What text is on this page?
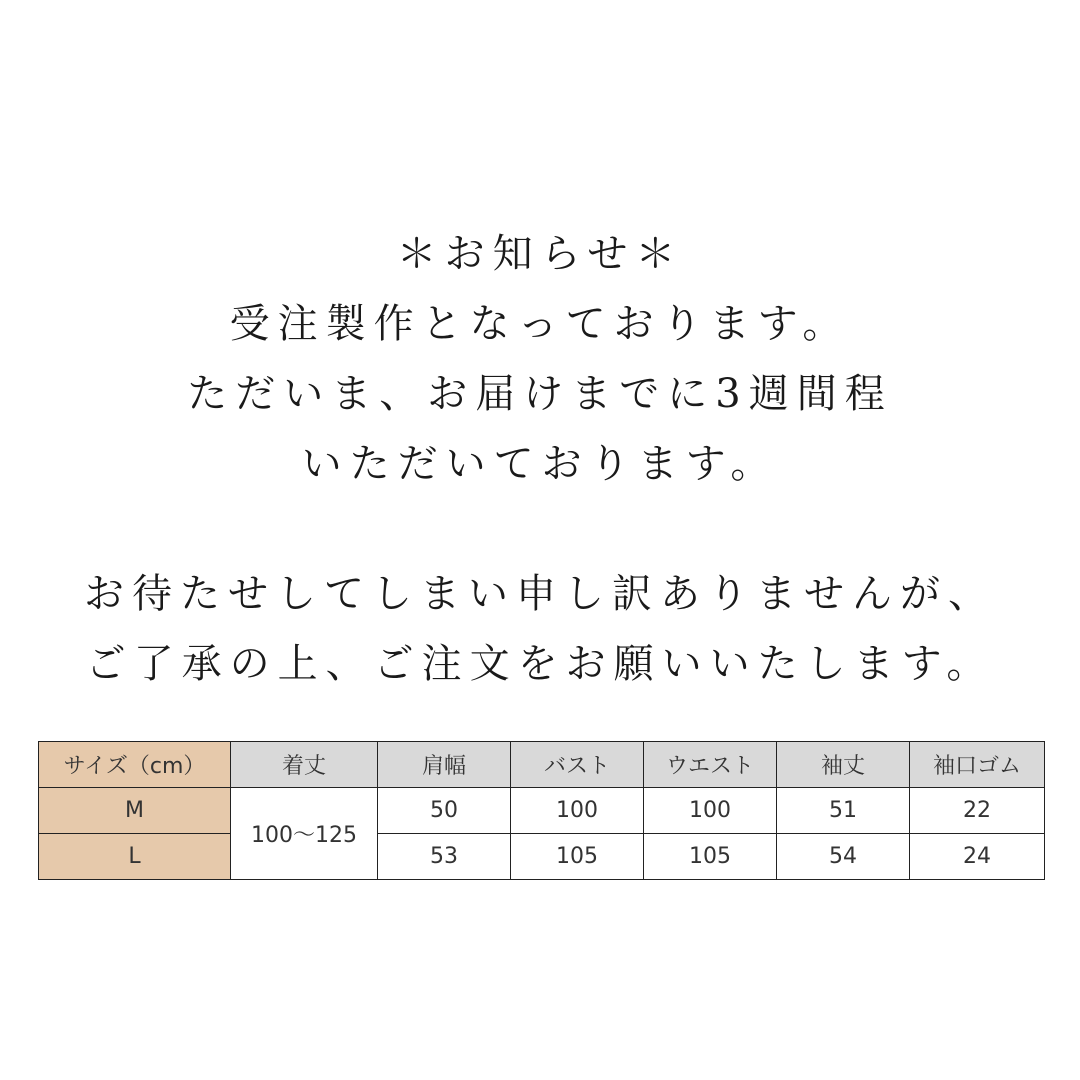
＊お知らせ＊
受注製作となっております。
ただいま、お届けまでに3週間程
いただいております。
お待たせしてしまい申し訳ありませんが、
ご了承の上、ご注文をお願いいたします。
サイズ（cm）	着丈	肩幅	バスト	ウエスト	袖丈	袖口ゴム
M	100〜125	50	100	100	51	22
L		53	105	105	54	24
